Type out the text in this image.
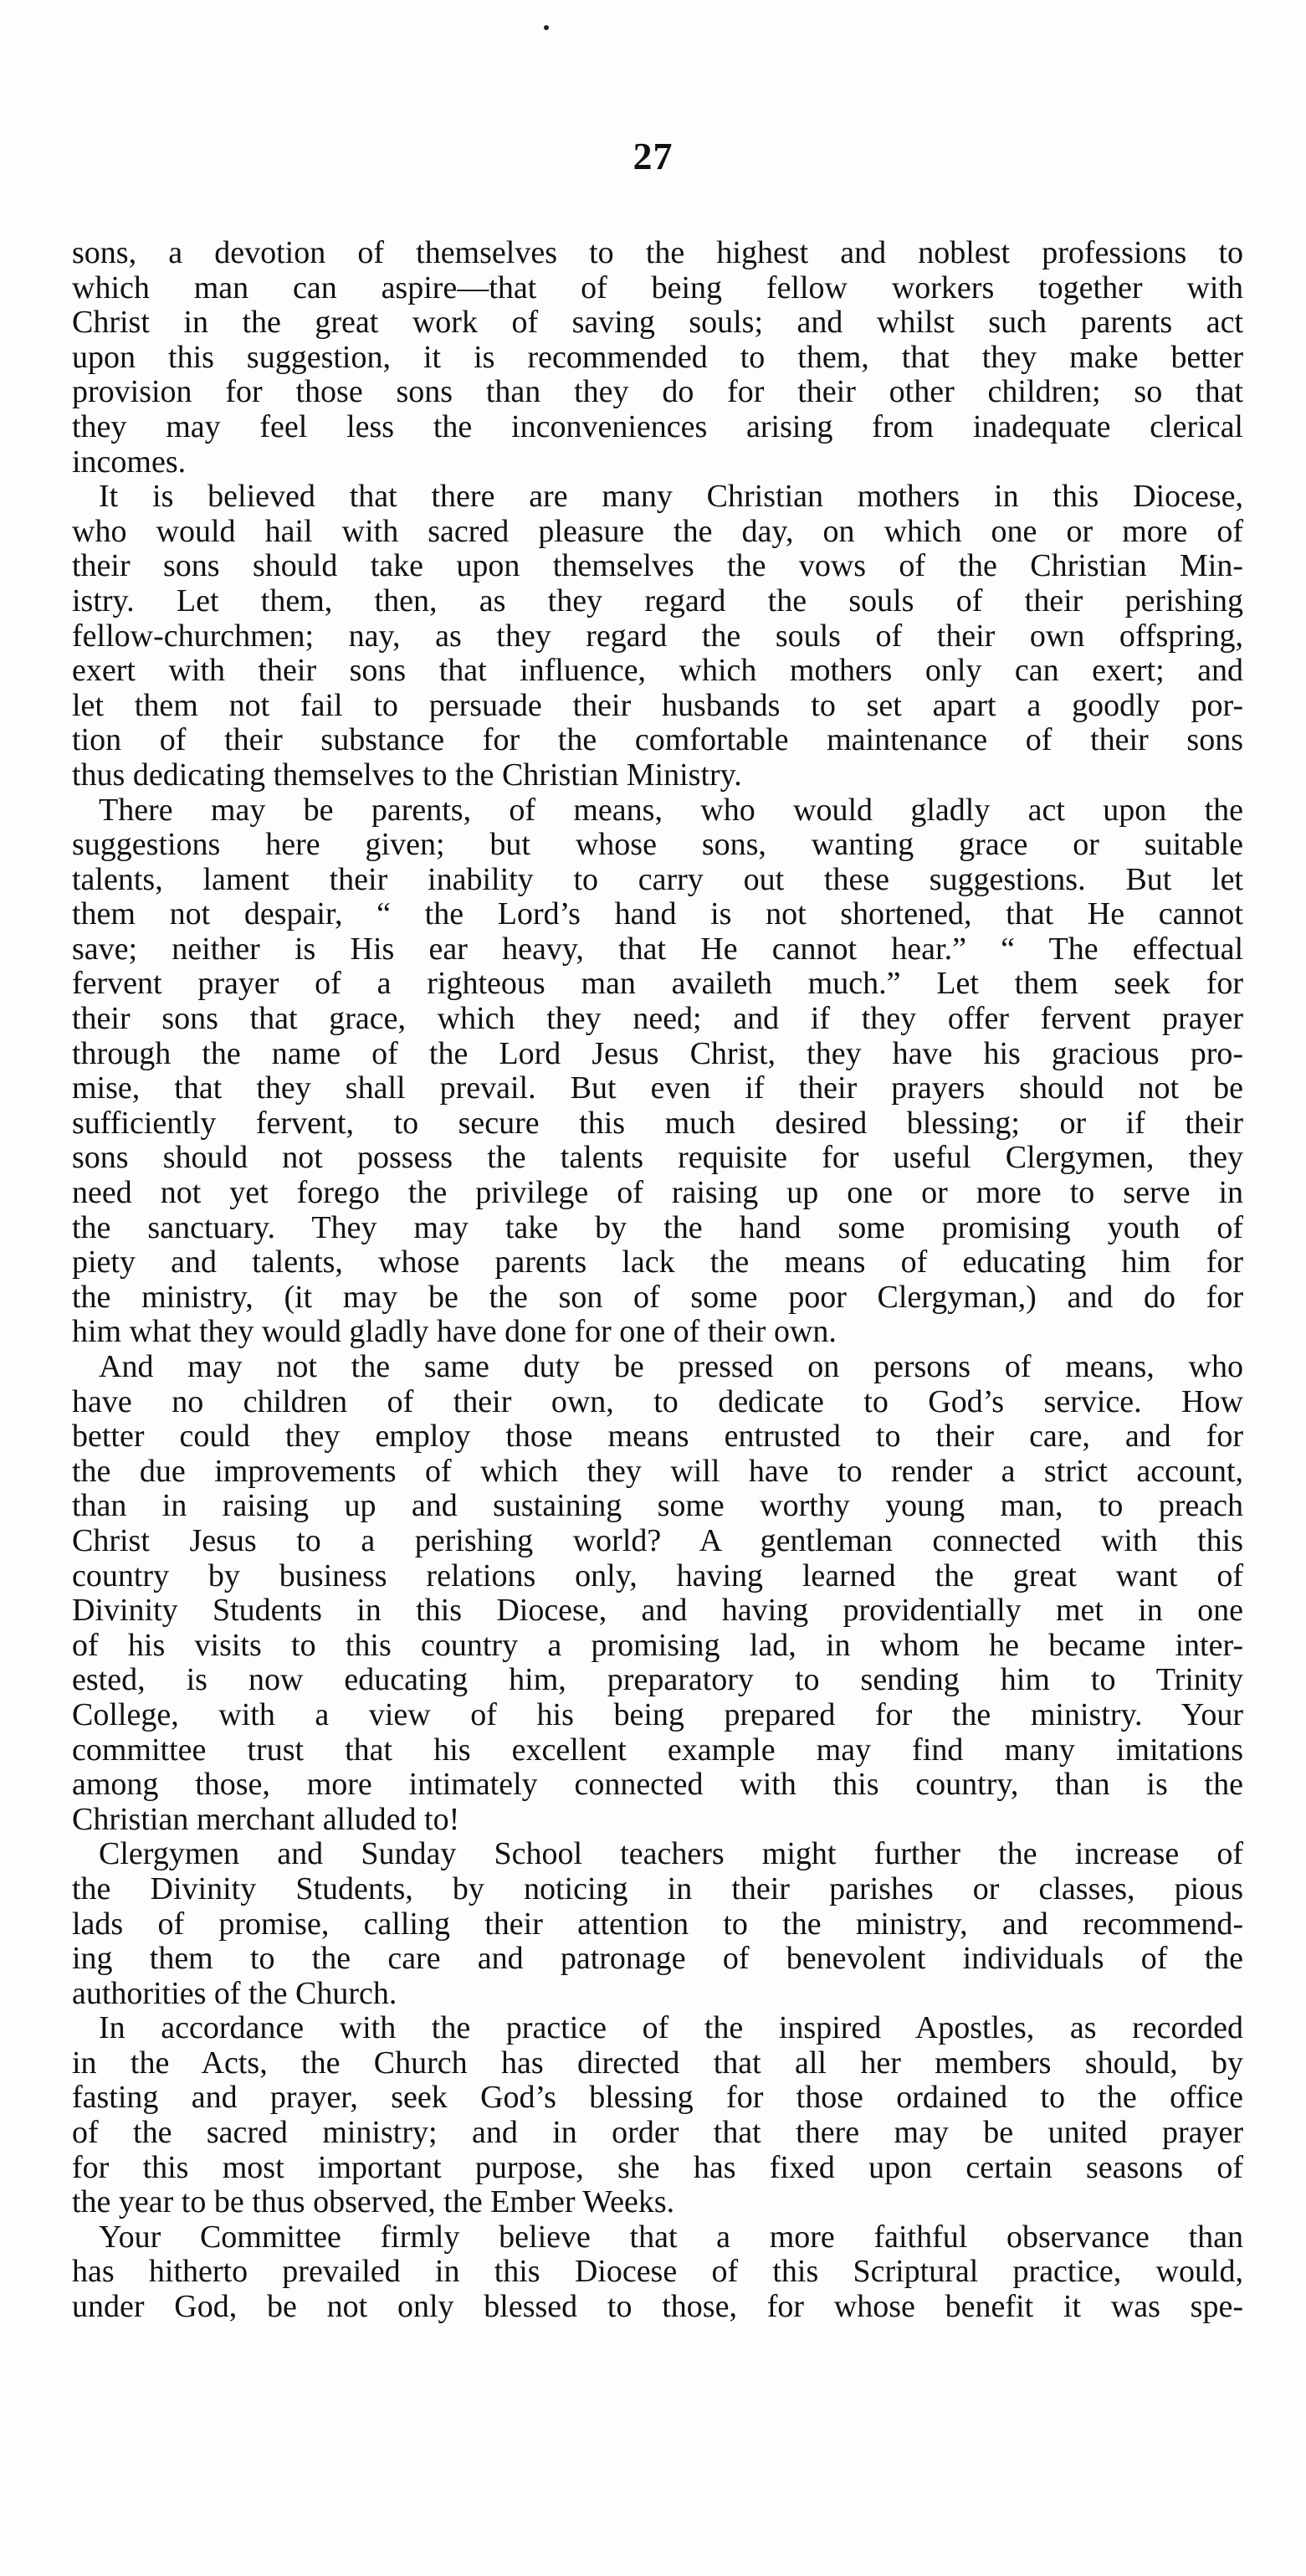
27
sons, a devotion of themselves to the highest and noblest professions to
which man can aspire—that of being fellow workers together with
Christ in the great work of saving souls; and whilst such parents act
upon this suggestion, it is recommended to them, that they make better
provision for those sons than they do for their other children; so that
they may feel less the inconveniences arising from inadequate clerical
incomes.
It is believed that there are many Christian mothers in this Diocese,
who would hail with sacred pleasure the day, on which one or more of
their sons should take upon themselves the vows of the Christian Min-
istry. Let them, then, as they regard the souls of their perishing
fellow-churchmen; nay, as they regard the souls of their own offspring,
exert with their sons that influence, which mothers only can exert; and
let them not fail to persuade their husbands to set apart a goodly por-
tion of their substance for the comfortable maintenance of their sons
thus dedicating themselves to the Christian Ministry.
There may be parents, of means, who would gladly act upon the
suggestions here given; but whose sons, wanting grace or suitable
talents, lament their inability to carry out these suggestions. But let
them not despair, “ the Lord’s hand is not shortened, that He cannot
save; neither is His ear heavy, that He cannot hear.” “ The effectual
fervent prayer of a righteous man availeth much.” Let them seek for
their sons that grace, which they need; and if they offer fervent prayer
through the name of the Lord Jesus Christ, they have his gracious pro-
mise, that they shall prevail. But even if their prayers should not be
sufficiently fervent, to secure this much desired blessing; or if their
sons should not possess the talents requisite for useful Clergymen, they
need not yet forego the privilege of raising up one or more to serve in
the sanctuary. They may take by the hand some promising youth of
piety and talents, whose parents lack the means of educating him for
the ministry, (it may be the son of some poor Clergyman,) and do for
him what they would gladly have done for one of their own.
And may not the same duty be pressed on persons of means, who
have no children of their own, to dedicate to God’s service. How
better could they employ those means entrusted to their care, and for
the due improvements of which they will have to render a strict account,
than in raising up and sustaining some worthy young man, to preach
Christ Jesus to a perishing world? A gentleman connected with this
country by business relations only, having learned the great want of
Divinity Students in this Diocese, and having providentially met in one
of his visits to this country a promising lad, in whom he became inter-
ested, is now educating him, preparatory to sending him to Trinity
College, with a view of his being prepared for the ministry. Your
committee trust that his excellent example may find many imitations
among those, more intimately connected with this country, than is the
Christian merchant alluded to!
Clergymen and Sunday School teachers might further the increase of
the Divinity Students, by noticing in their parishes or classes, pious
lads of promise, calling their attention to the ministry, and recommend-
ing them to the care and patronage of benevolent individuals of the
authorities of the Church.
In accordance with the practice of the inspired Apostles, as recorded
in the Acts, the Church has directed that all her members should, by
fasting and prayer, seek God’s blessing for those ordained to the office
of the sacred ministry; and in order that there may be united prayer
for this most important purpose, she has fixed upon certain seasons of
the year to be thus observed, the Ember Weeks.
Your Committee firmly believe that a more faithful observance than
has hitherto prevailed in this Diocese of this Scriptural practice, would,
under God, be not only blessed to those, for whose benefit it was spe-
